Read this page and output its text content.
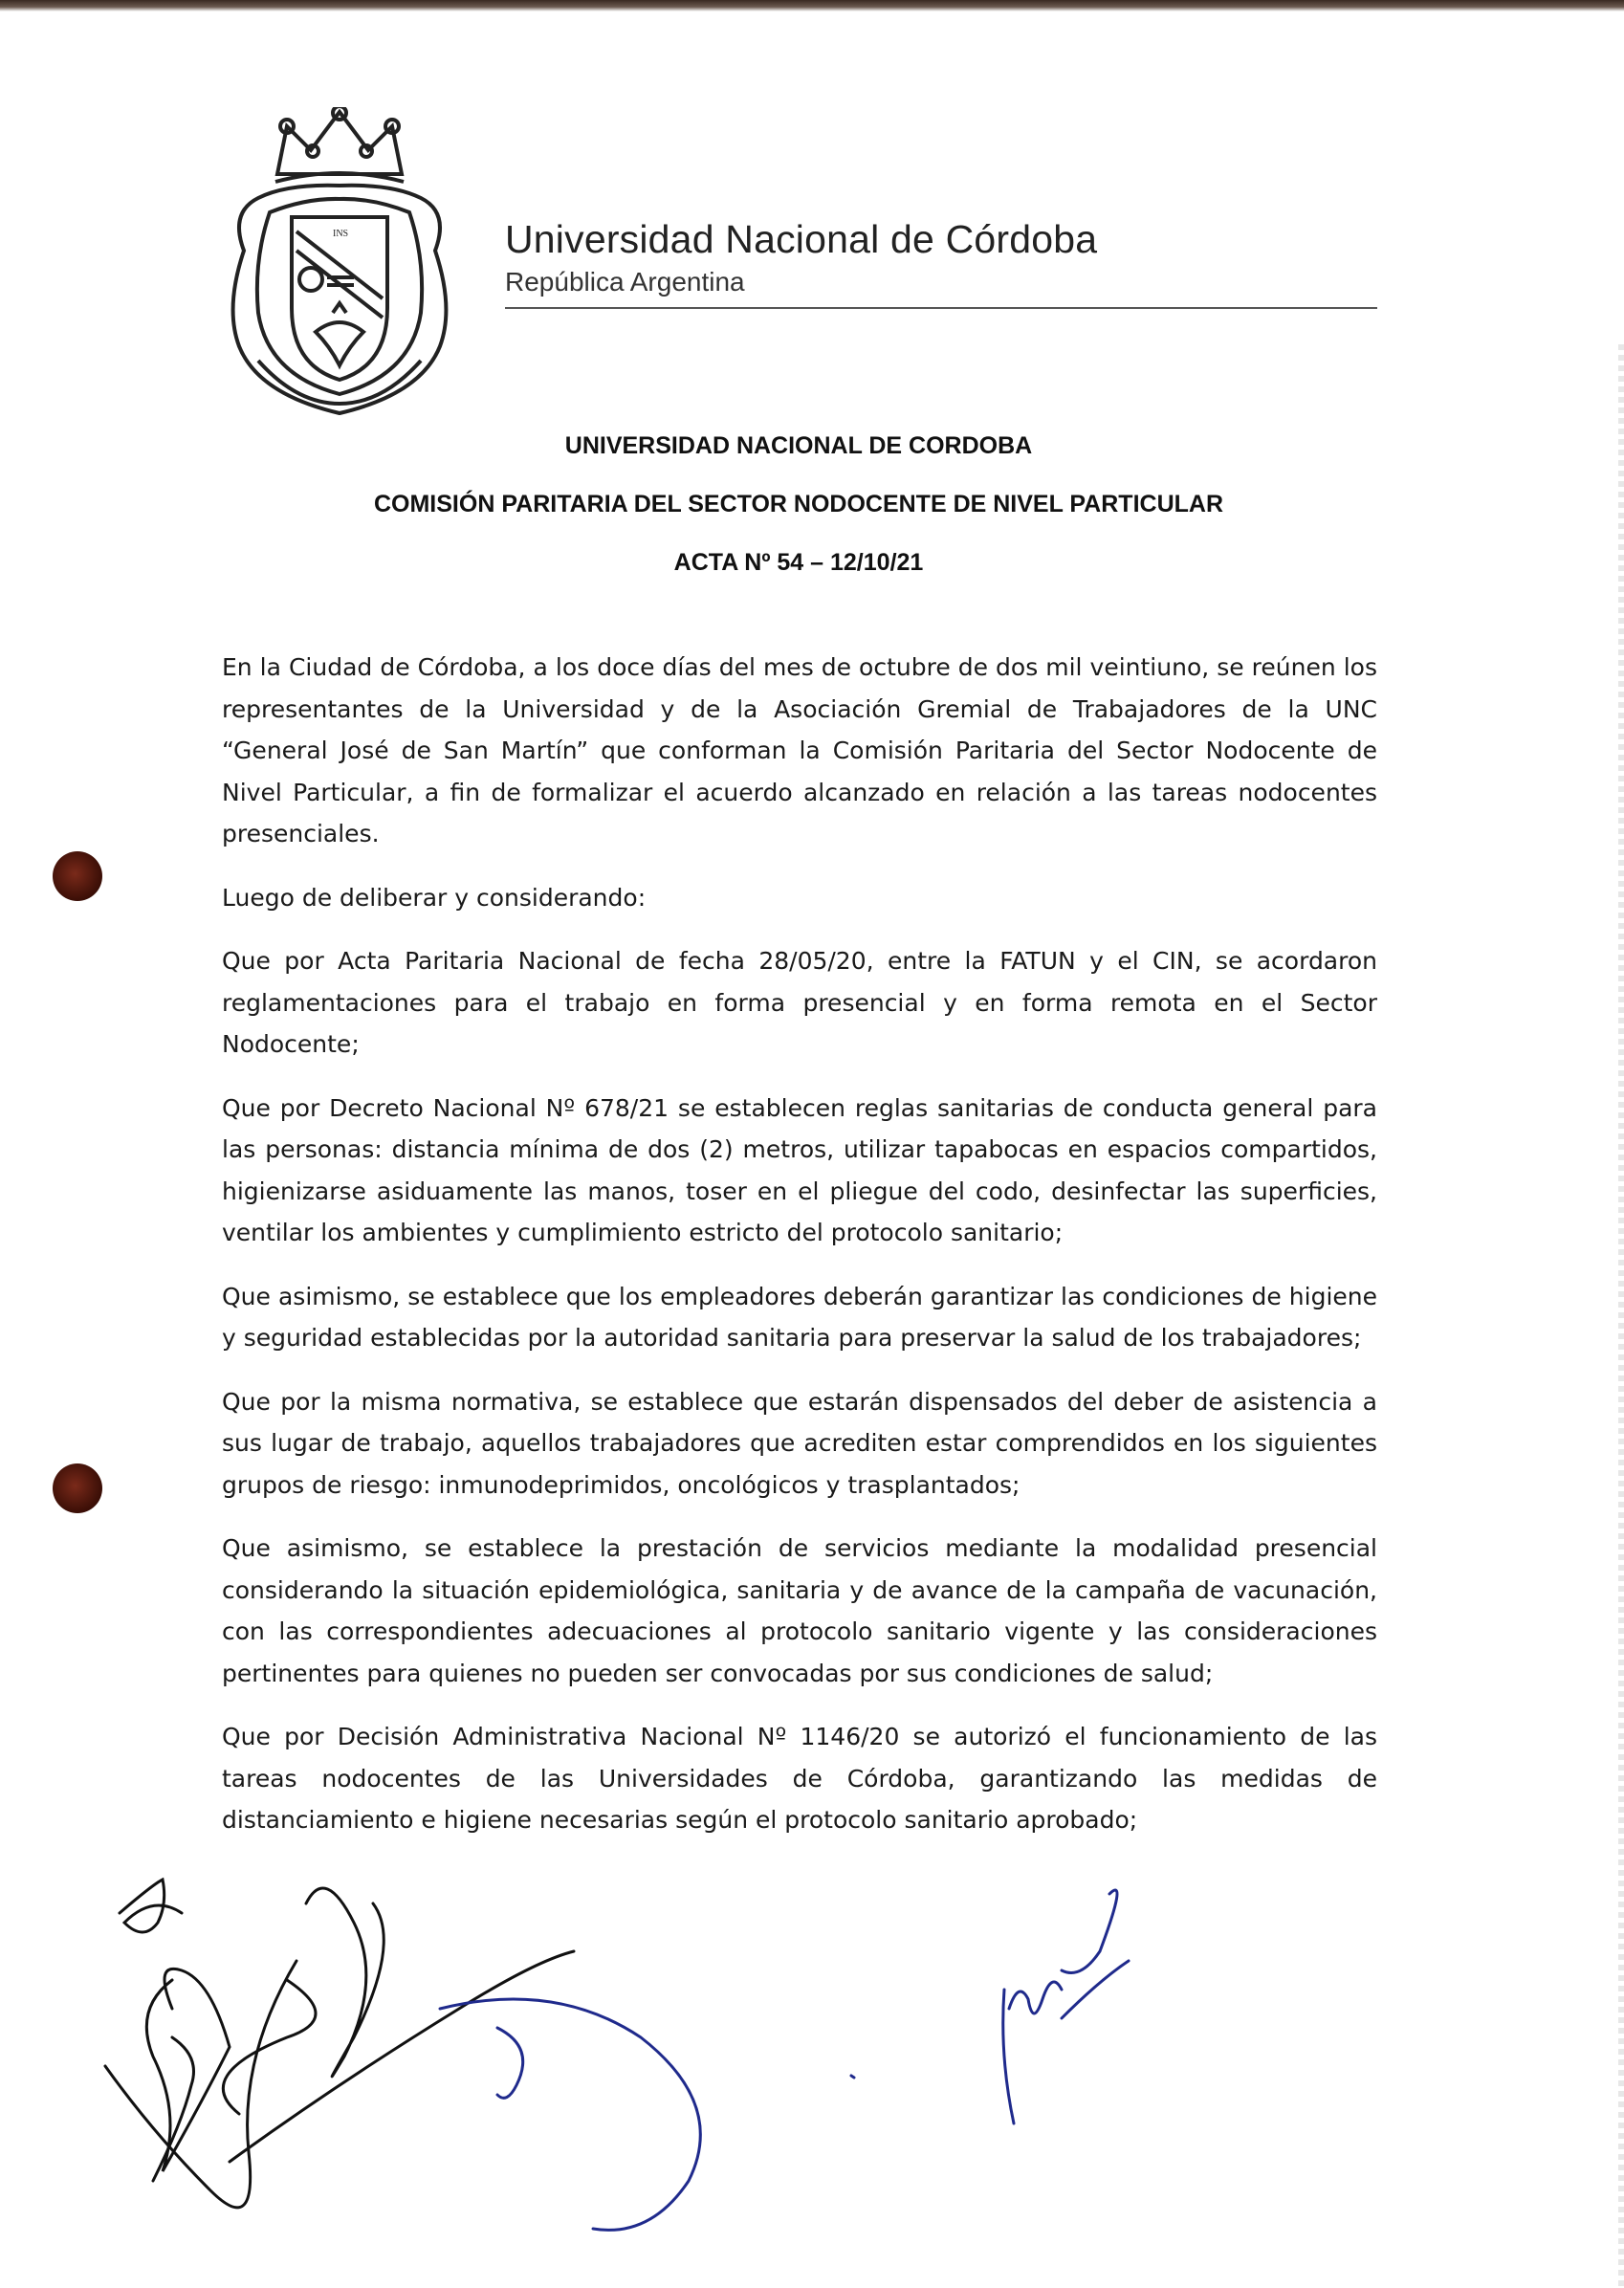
INS	Universidad Nacional de Córdoba
República Argentina
UNIVERSIDAD NACIONAL DE CORDOBA
COMISIÓN PARITARIA DEL SECTOR NODOCENTE DE NIVEL PARTICULAR
ACTA Nº 54 – 12/10/21

En la Ciudad de Córdoba, a los doce días del mes de octubre de dos mil veintiuno, se reúnen los representantes de la Universidad y de la Asociación Gremial de Trabajadores de la UNC “General José de San Martín” que conforman la Comisión Paritaria del Sector Nodocente de Nivel Particular, a fin de formalizar el acuerdo alcanzado en relación a las tareas nodocentes presenciales.

Luego de deliberar y considerando:

Que por Acta Paritaria Nacional de fecha 28/05/20, entre la FATUN y el CIN, se acordaron reglamentaciones para el trabajo en forma presencial y en forma remota en el Sector Nodocente;

Que por Decreto Nacional Nº 678/21 se establecen reglas sanitarias de conducta general para las personas: distancia mínima de dos (2) metros, utilizar tapabocas en espacios compartidos, higienizarse asiduamente las manos, toser en el pliegue del codo, desinfectar las superficies, ventilar los ambientes y cumplimiento estricto del protocolo sanitario;

Que asimismo, se establece que los empleadores deberán garantizar las condiciones de higiene y seguridad establecidas por la autoridad sanitaria para preservar la salud de los trabajadores;

Que por la misma normativa, se establece que estarán dispensados del deber de asistencia a sus lugar de trabajo, aquellos trabajadores que acrediten estar comprendidos en los siguientes grupos de riesgo: inmunodeprimidos, oncológicos y trasplantados;

Que asimismo, se establece la prestación de servicios mediante la modalidad presencial considerando la situación epidemiológica, sanitaria y de avance de la campaña de vacunación, con las correspondientes adecuaciones al protocolo sanitario vigente y las consideraciones pertinentes para quienes no pueden ser convocadas por sus condiciones de salud;

Que por Decisión Administrativa Nacional Nº 1146/20 se autorizó el funcionamiento de las tareas nodocentes de las Universidades de Córdoba, garantizando las medidas de distanciamiento e higiene necesarias según el protocolo sanitario aprobado;
